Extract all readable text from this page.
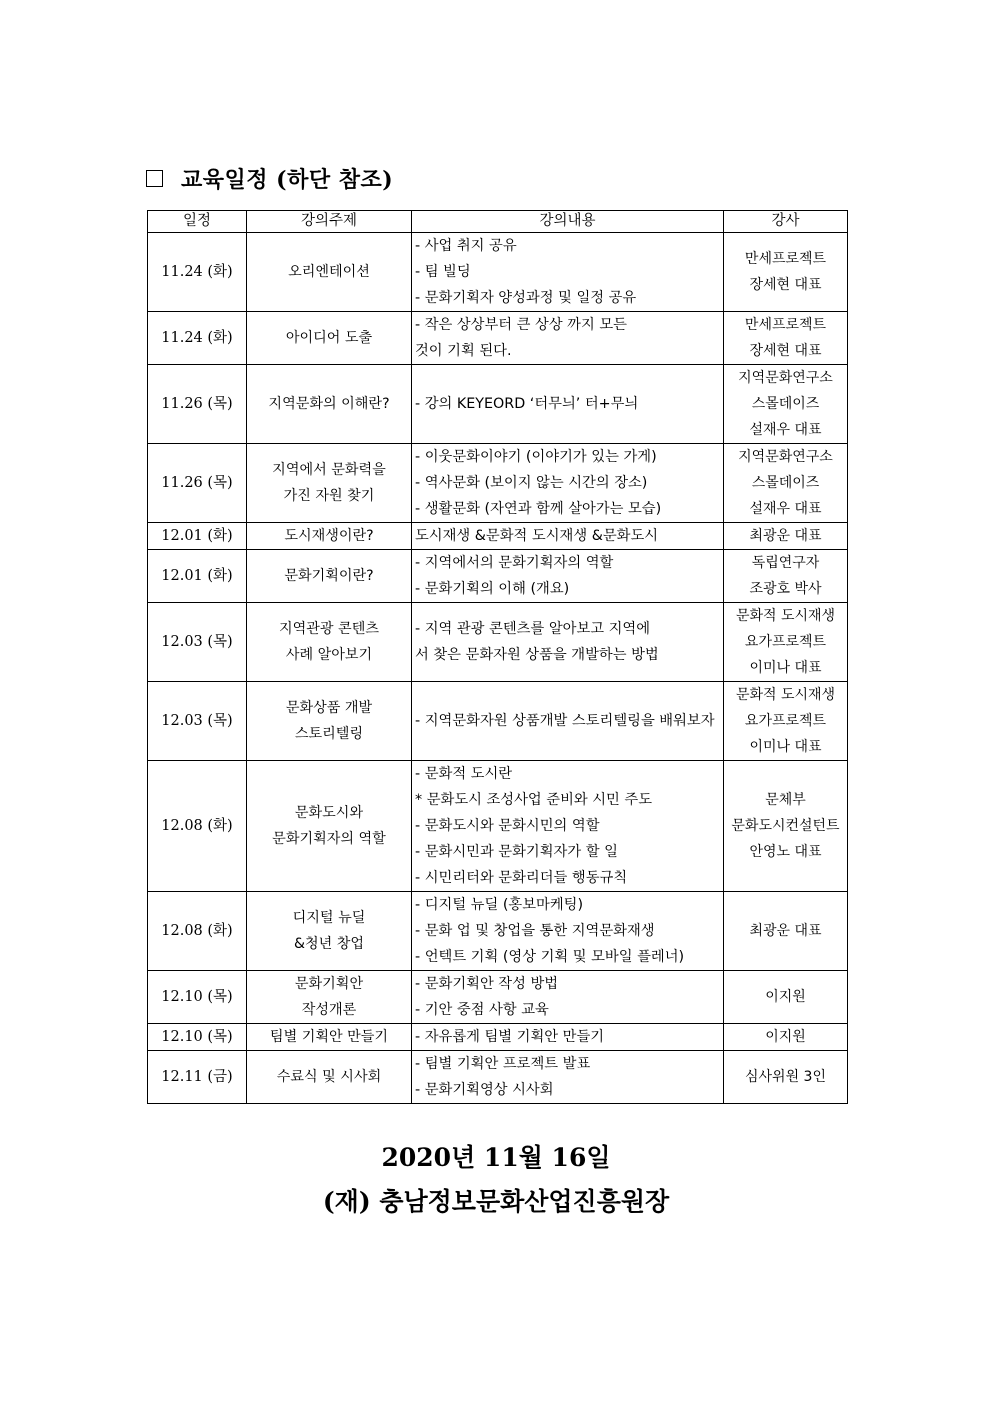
교육일정 (하단 참조)
일정	강의주제	강의내용	강사
11.24 (화)	오리엔테이션	- 사업 취지 공유
- 팀 빌딩
- 문화기획자 양성과정 및 일정 공유	만세프로젝트
장세현 대표

11.24 (화)	아이디어 도출	- 작은 상상부터 큰 상상 까지 모든
것이 기획 된다.	만세프로젝트
장세현 대표

11.26 (목)	지역문화의 이해란?	- 강의 KEYEORD ‘터무늬’ 터+무늬	지역문화연구소
스몰데이즈
설재우 대표

11.26 (목)	지역에서 문화력을
가진 자원 찾기	- 이웃문화이야기 (이야기가 있는 가게)
- 역사문화 (보이지 않는 시간의 장소)
- 생활문화 (자연과 함께 살아가는 모습)	지역문화연구소
스몰데이즈
설재우 대표

12.01 (화)	도시재생이란?	도시재생 &문화적 도시재생 &문화도시	최광운 대표

12.01 (화)	문화기획이란?	- 지역에서의 문화기획자의 역할
- 문화기획의 이해 (개요)	독립연구자
조광호 박사

12.03 (목)	지역관광 콘텐츠
사례 알아보기	- 지역 관광 콘텐츠를 알아보고 지역에
서 찾은 문화자원 상품을 개발하는 방법	문화적 도시재생
요가프로젝트
이미나 대표

12.03 (목)	문화상품 개발
스토리텔링	- 지역문화자원 상품개발 스토리텔링을 배워보자	문화적 도시재생
요가프로젝트
이미나 대표

12.08 (화)	문화도시와
문화기획자의 역할	- 문화적 도시란
* 문화도시 조성사업 준비와 시민 주도
- 문화도시와 문화시민의 역할
- 문화시민과 문화기획자가 할 일
- 시민리터와 문화리더들 행동규칙	문체부
문화도시컨설턴트
안영노 대표

12.08 (화)	디지털 뉴딜
&청년 창업	- 디지털 뉴딜 (홍보마케팅)
- 문화 업 및 창업을 통한 지역문화재생
- 언텍트 기획 (영상 기획 및 모바일 플레너)	최광운 대표

12.10 (목)	문화기획안
작성개론	- 문화기획안 작성 방법
- 기안 중점 사항 교육	이지원

12.10 (목)	팀별 기획안 만들기	- 자유롭게 팀별 기획안 만들기	이지원

12.11 (금)	수료식 및 시사회	- 팀별 기획안 프로젝트 발표
- 문화기획영상 시사회	심사위원 3인
2020년 11월 16일
(재) 충남정보문화산업진흥원장
